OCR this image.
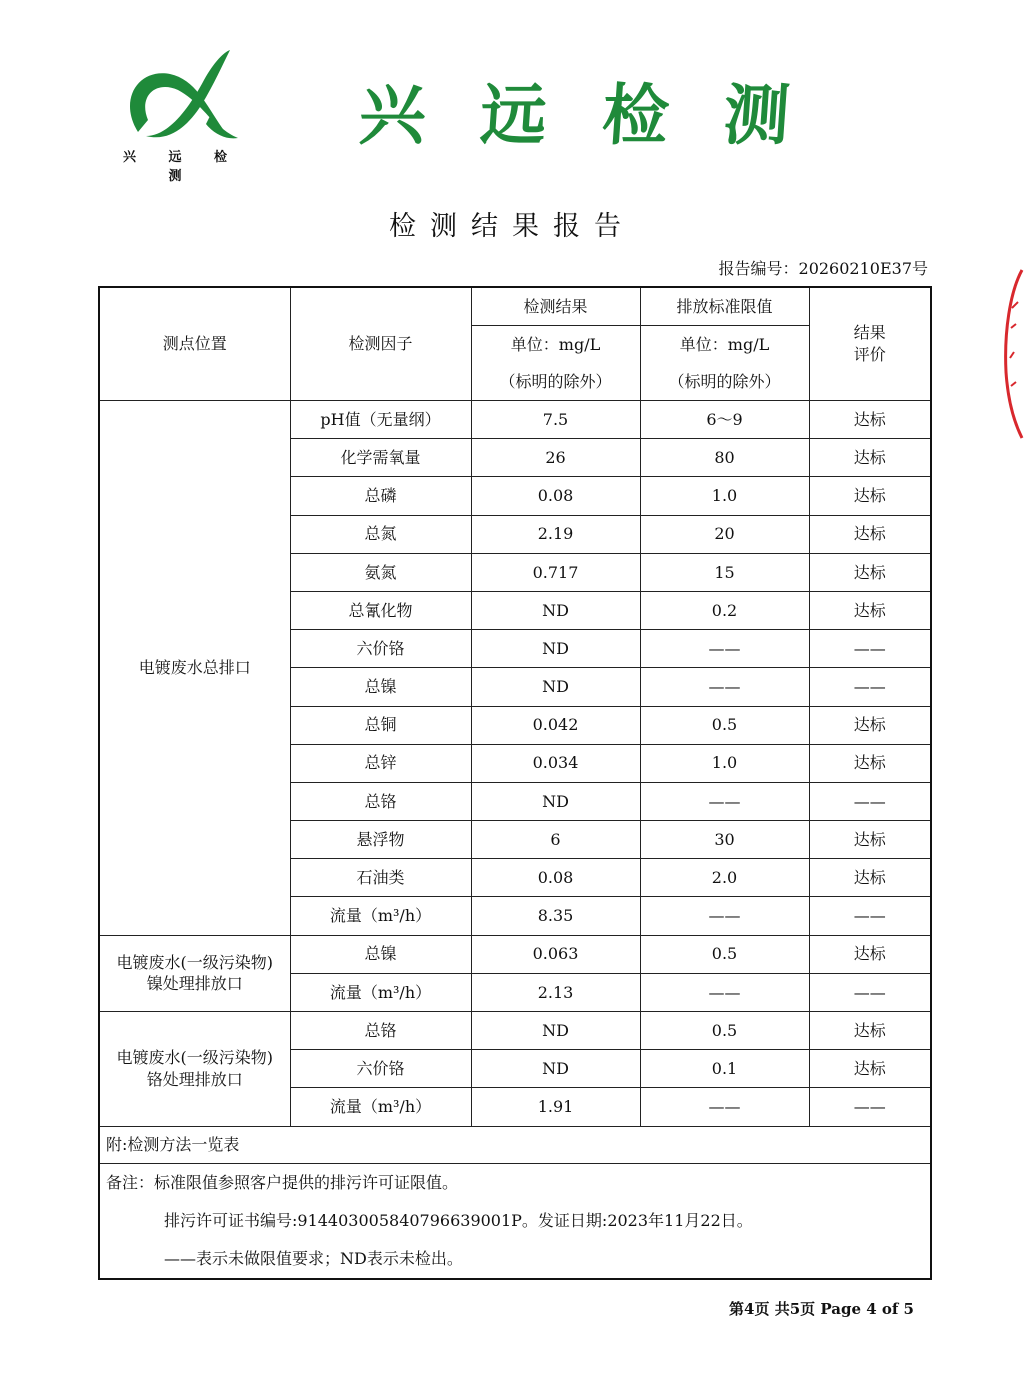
兴 远 检 测
兴 远 检 测
检测结果报告
报告编号：20260210E37号
测点位置	检测因子	检测结果	排放标准限值	结果
评价
		单位：mg/L	单位：mg/L	
		（标明的除外）	（标明的除外）	
电镀废水总排口	pH值（无量纲）	7.5	6～9	达标
	化学需氧量	26	80	达标
	总磷	0.08	1.0	达标
	总氮	2.19	20	达标
	氨氮	0.717	15	达标
	总氰化物	ND	0.2	达标
	六价铬	ND	——	——
	总镍	ND	——	——
	总铜	0.042	0.5	达标
	总锌	0.034	1.0	达标
	总铬	ND	——	——
	悬浮物	6	30	达标
	石油类	0.08	2.0	达标
	流量（m³/h）	8.35	——	——
电镀废水(一级污染物)镍处理排放口	总镍	0.063	0.5	达标
	流量（m³/h）	2.13	——	——
电镀废水(一级污染物)铬处理排放口	总铬	ND	0.5	达标
	六价铬	ND	0.1	达标
	流量（m³/h）	1.91	——	——
附:检测方法一览表				

备注： 标准限值参照客户提供的排污许可证限值。
排污许可证书编号:91440300584079663900​1P。发证日期:2023年11月22日。
——表示未做限值要求；ND表示未检出。				
第4页 共5页 Page 4 of 5
